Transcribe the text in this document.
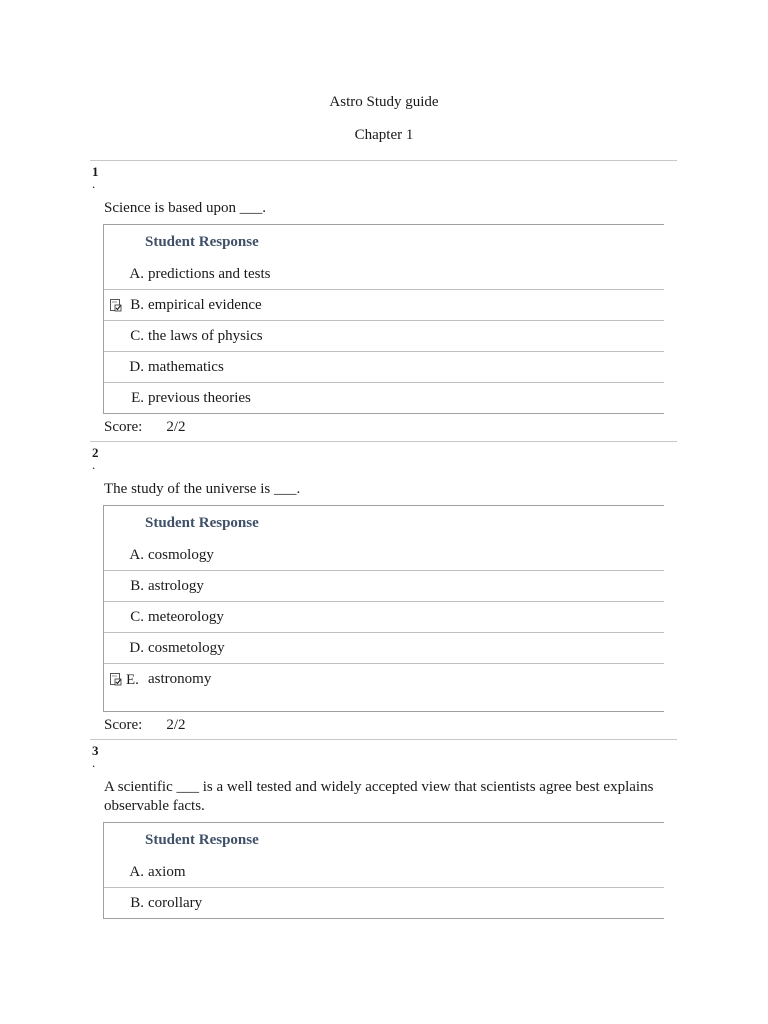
Astro Study guide
Chapter 1
1
.
Science is based upon ___.
Student Response
A. predictions and tests
B. empirical evidence
C. the laws of physics
D. mathematics
E. previous theories
Score: 2/2
2
.
The study of the universe is ___.
Student Response
A. cosmology
B. astrology
C. meteorology
D. cosmetology
E. astronomy
Score: 2/2
3
.
A scientific ___ is a well tested and widely accepted view that scientists agree best explains observable facts.
Student Response
A. axiom
B. corollary
